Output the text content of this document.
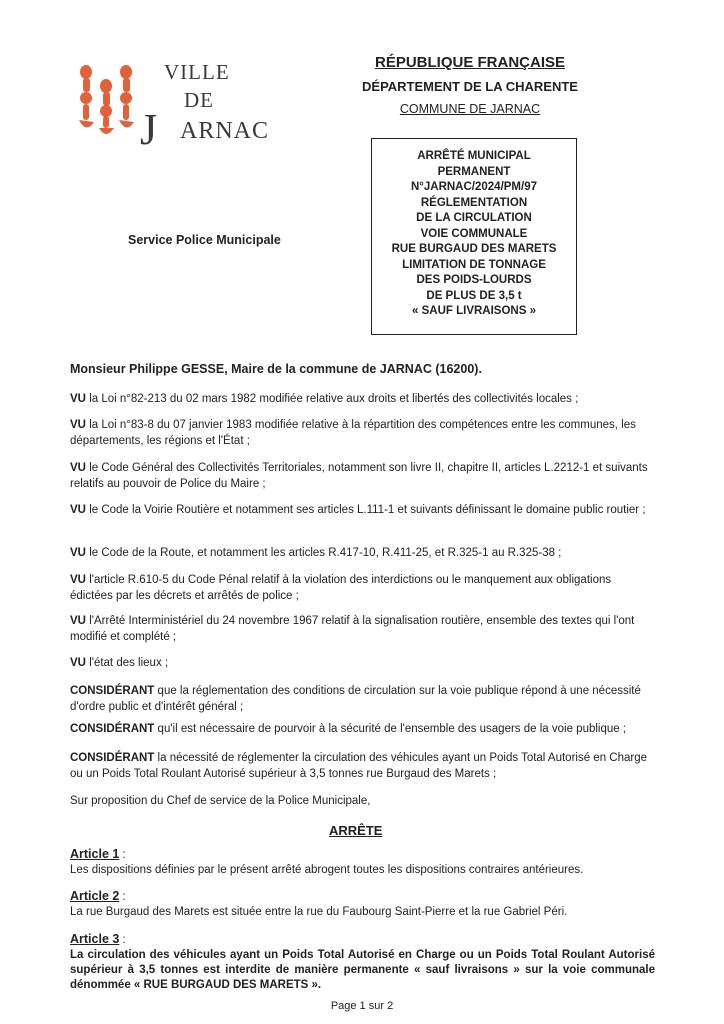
VILLE
DE
J ARNAC
Service Police Municipale
RÉPUBLIQUE FRANÇAISE
DÉPARTEMENT DE LA CHARENTE
COMMUNE DE JARNAC
ARRÊTÉ MUNICIPAL
PERMANENT
N°JARNAC/2024/PM/97
RÉGLEMENTATION
DE LA CIRCULATION
VOIE COMMUNALE
RUE BURGAUD DES MARETS
LIMITATION DE TONNAGE
DES POIDS-LOURDS
DE PLUS DE 3,5 t
« SAUF LIVRAISONS »
Monsieur Philippe GESSE, Maire de la commune de JARNAC (16200).
VU la Loi n°82-213 du 02 mars 1982 modifiée relative aux droits et libertés des collectivités locales ;
VU la Loi n°83-8 du 07 janvier 1983 modifiée relative à la répartition des compétences entre les communes, les départements, les régions et l'État ;
VU le Code Général des Collectivités Territoriales, notamment son livre II, chapitre II, articles L.2212-1 et suivants relatifs au pouvoir de Police du Maire ;
VU le Code la Voirie Routière et notamment ses articles L.111-1 et suivants définissant le domaine public routier ;
VU le Code de la Route, et notamment les articles R.417-10, R.411-25, et R.325-1 au R.325-38 ;
VU l'article R.610-5 du Code Pénal relatif à la violation des interdictions ou le manquement aux obligations édictées par les décrets et arrêtés de police ;
VU l'Arrêté Interministériel du 24 novembre 1967 relatif à la signalisation routière, ensemble des textes qui l'ont modifié et complété ;
VU l'état des lieux ;
CONSIDÉRANT que la réglementation des conditions de circulation sur la voie publique répond à une nécessité d'ordre public et d'intérêt général ;
CONSIDÉRANT qu'il est nécessaire de pourvoir à la sécurité de l'ensemble des usagers de la voie publique ;
CONSIDÉRANT la nécessité de réglementer la circulation des véhicules ayant un Poids Total Autorisé en Charge ou un Poids Total Roulant Autorisé supérieur à 3,5 tonnes rue Burgaud des Marets ;
Sur proposition du Chef de service de la Police Municipale,
ARRÊTE
Article 1 :
Les dispositions définies par le présent arrêté abrogent toutes les dispositions contraires antérieures.
Article 2 :
La rue Burgaud des Marets est située entre la rue du Faubourg Saint-Pierre et la rue Gabriel Péri.
Article 3 :
La circulation des véhicules ayant un Poids Total Autorisé en Charge ou un Poids Total Roulant Autorisé supérieur à 3,5 tonnes est interdite de manière permanente « sauf livraisons » sur la voie communale dénommée « RUE BURGAUD DES MARETS ».
Page 1 sur 2
